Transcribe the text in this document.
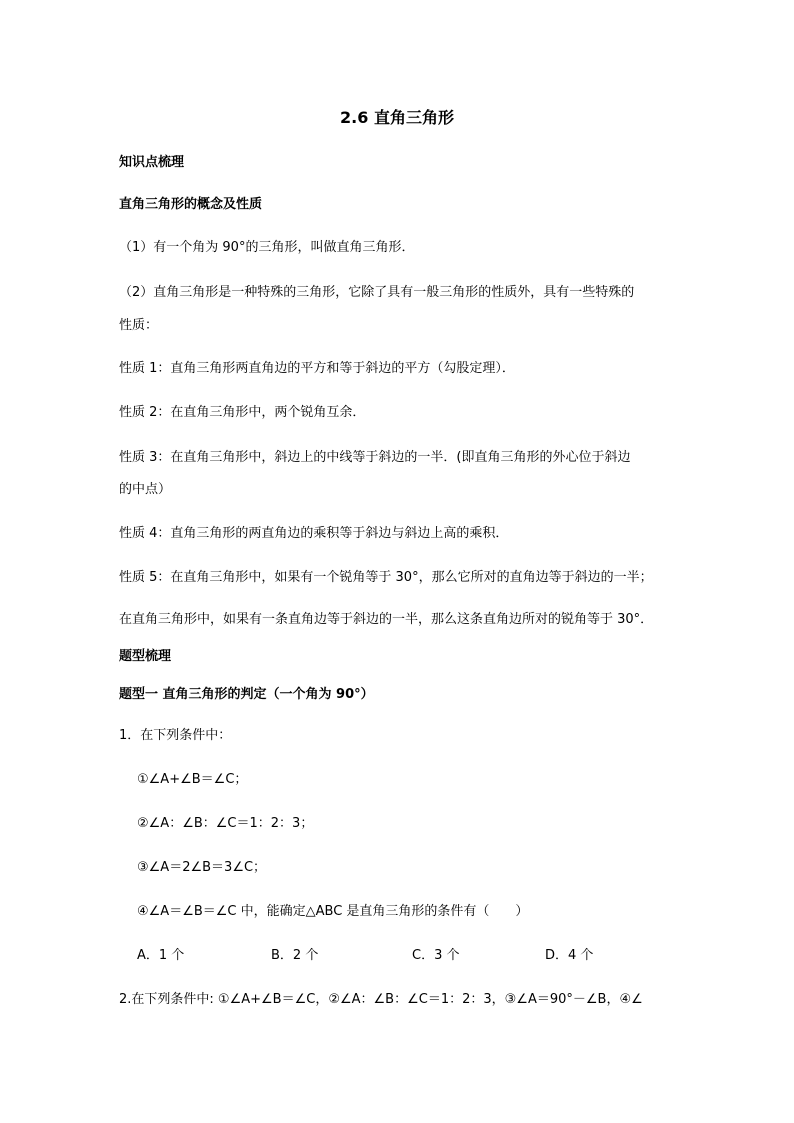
2.6 直角三角形
知识点梳理
直角三角形的概念及性质
（1）有一个角为 90°的三角形，叫做直角三角形．
（2）直角三角形是一种特殊的三角形，它除了具有一般三角形的性质外，具有一些特殊的
性质：
性质 1：直角三角形两直角边的平方和等于斜边的平方（勾股定理）．
性质 2：在直角三角形中，两个锐角互余．
性质 3：在直角三角形中，斜边上的中线等于斜边的一半．(即直角三角形的外心位于斜边
的中点）
性质 4：直角三角形的两直角边的乘积等于斜边与斜边上高的乘积．
性质 5：在直角三角形中，如果有一个锐角等于 30°，那么它所对的直角边等于斜边的一半；
在直角三角形中，如果有一条直角边等于斜边的一半，那么这条直角边所对的锐角等于 30°．
题型梳理
题型一 直角三角形的判定（一个角为 90°）
1．在下列条件中：
①∠A+∠B＝∠C；
②∠A：∠B：∠C＝1：2：3；
③∠A＝2∠B＝3∠C；
④∠A＝∠B＝∠C 中，能确定△ABC 是直角三角形的条件有（　　）
A．1 个	B．2 个	C．3 个	D．4 个
2.在下列条件中: ①∠A+∠B＝∠C，②∠A：∠B：∠C＝1：2：3，③∠A＝90°－∠B，④∠
